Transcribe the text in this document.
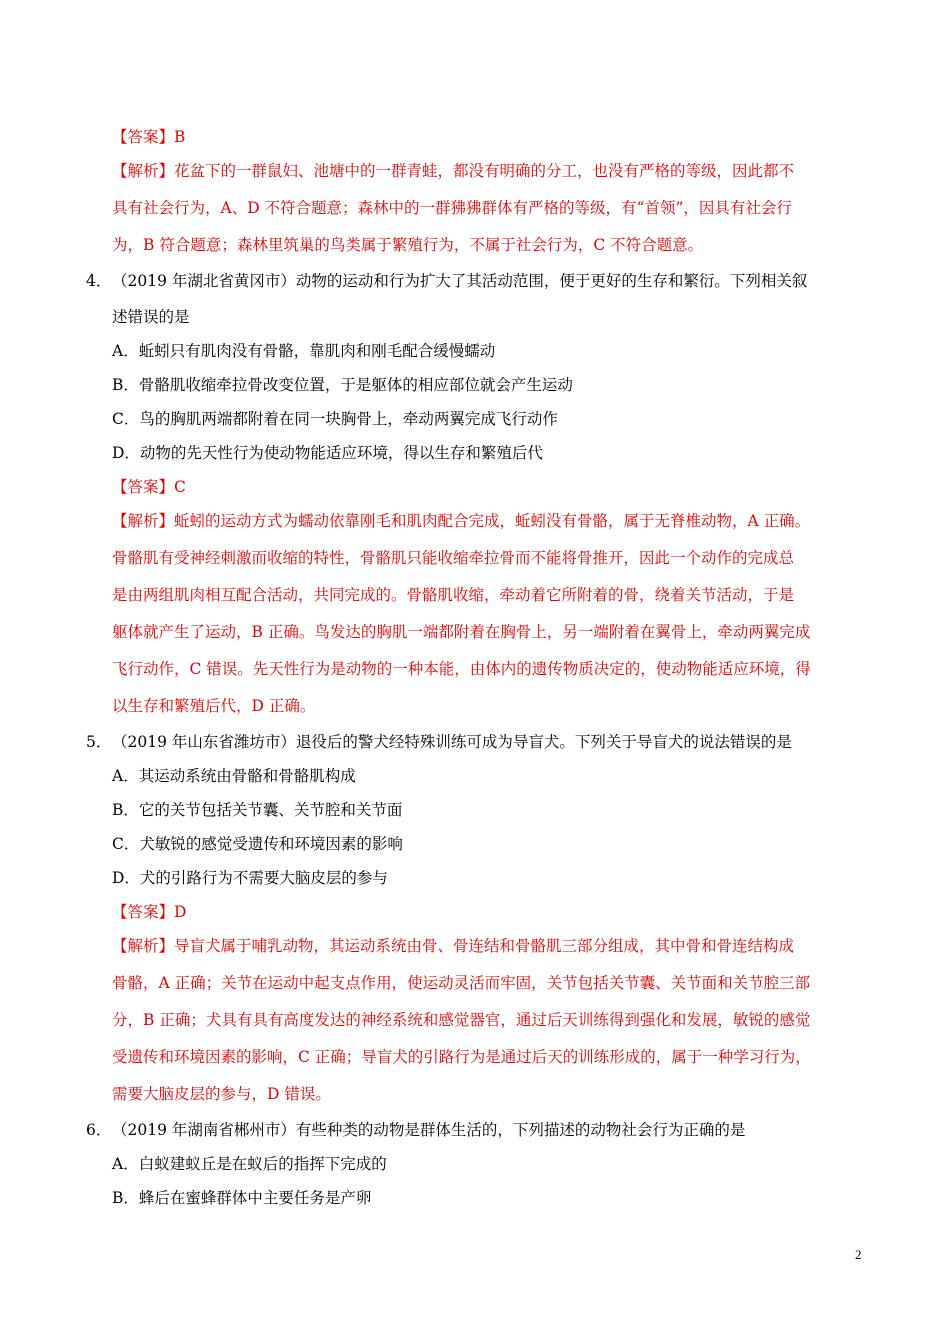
【答案】B
【解析】花盆下的一群鼠妇、池塘中的一群青蛙，都没有明确的分工，也没有严格的等级，因此都不
具有社会行为，A、D 不符合题意；森林中的一群狒狒群体有严格的等级，有“首领”，因具有社会行
为，B 符合题意；森林里筑巢的鸟类属于繁殖行为，不属于社会行为，C 不符合题意。
4． （2019 年湖北省黄冈市）动物的运动和行为扩大了其活动范围，便于更好的生存和繁衍。下列相关叙
述错误的是
A．蚯蚓只有肌肉没有骨骼，靠肌肉和刚毛配合缓慢蠕动
B．骨骼肌收缩牵拉骨改变位置，于是躯体的相应部位就会产生运动
C．鸟的胸肌两端都附着在同一块胸骨上，牵动两翼完成飞行动作
D．动物的先天性行为使动物能适应环境，得以生存和繁殖后代
【答案】C
【解析】蚯蚓的运动方式为蠕动依靠刚毛和肌肉配合完成，蚯蚓没有骨骼，属于无脊椎动物，A 正确。
骨骼肌有受神经刺激而收缩的特性，骨骼肌只能收缩牵拉骨而不能将骨推开，因此一个动作的完成总
是由两组肌肉相互配合活动，共同完成的。骨骼肌收缩，牵动着它所附着的骨，绕着关节活动，于是
躯体就产生了运动，B 正确。鸟发达的胸肌一端都附着在胸骨上，另一端附着在翼骨上，牵动两翼完成
飞行动作，C 错误。先天性行为是动物的一种本能，由体内的遗传物质决定的，使动物能适应环境，得
以生存和繁殖后代，D 正确。
5． （2019 年山东省潍坊市）退役后的警犬经特殊训练可成为导盲犬。下列关于导盲犬的说法错误的是
A．其运动系统由骨骼和骨骼肌构成
B．它的关节包括关节囊、关节腔和关节面
C．犬敏锐的感觉受遗传和环境因素的影响
D．犬的引路行为不需要大脑皮层的参与
【答案】D
【解析】导盲犬属于哺乳动物，其运动系统由骨、骨连结和骨骼肌三部分组成，其中骨和骨连结构成
骨骼，A 正确；关节在运动中起支点作用，使运动灵活而牢固，关节包括关节囊、关节面和关节腔三部
分，B 正确；犬具有具有高度发达的神经系统和感觉器官，通过后天训练得到强化和发展，敏锐的感觉
受遗传和环境因素的影响，C 正确；导盲犬的引路行为是通过后天的训练形成的，属于一种学习行为，
需要大脑皮层的参与，D 错误。
6． （2019 年湖南省郴州市）有些种类的动物是群体生活的，下列描述的动物社会行为正确的是
A．白蚁建蚁丘是在蚁后的指挥下完成的
B．蜂后在蜜蜂群体中主要任务是产卵
2
